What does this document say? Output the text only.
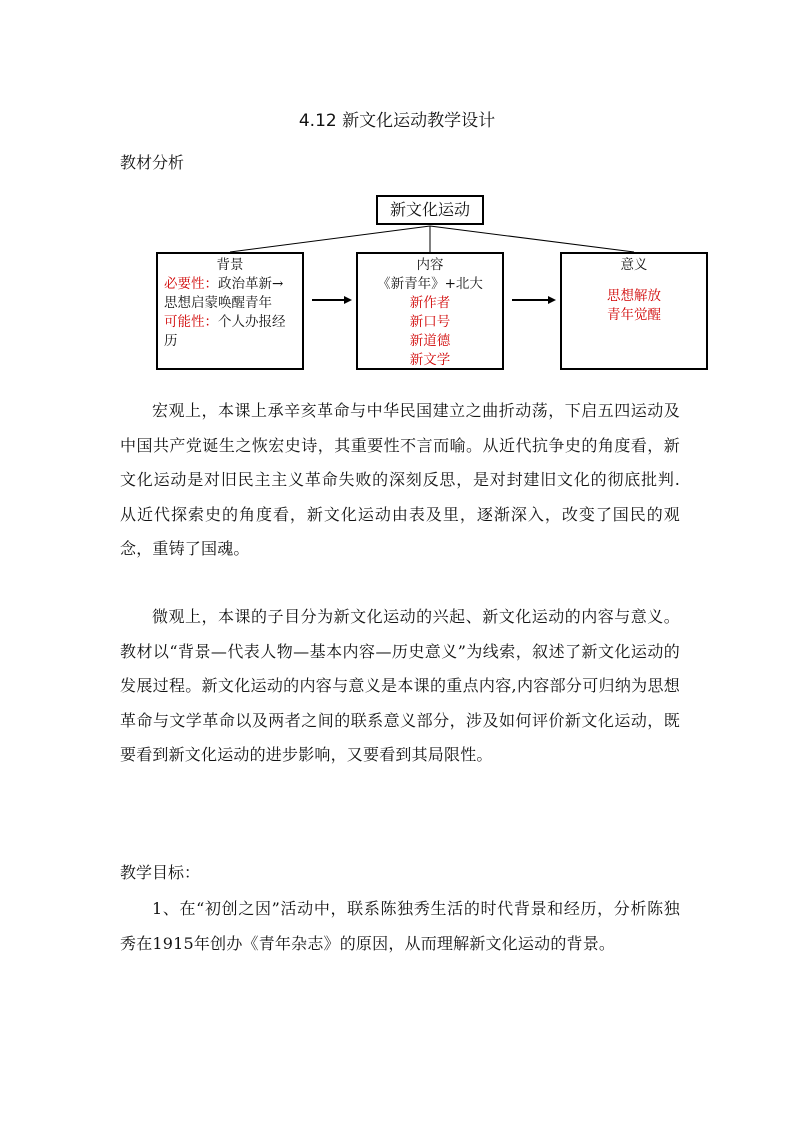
4.12 新文化运动教学设计
教材分析
新文化运动
背景
必要性：政治革新→思想启蒙唤醒青年
可能性：个人办报经历
内容
《新青年》+北大
新作者
新口号
新道德
新文学
意义
思想解放
青年觉醒
宏观上，本课上承辛亥革命与中华民国建立之曲折动荡，下启五四运动及中国共产党诞生之恢宏史诗，其重要性不言而喻。从近代抗争史的角度看，新文化运动是对旧民主主义革命失败的深刻反思，是对封建旧文化的彻底批判. 从近代探索史的角度看，新文化运动由表及里，逐渐深入，改变了国民的观念，重铸了国魂。
微观上，本课的子目分为新文化运动的兴起、新文化运动的内容与意义。教材以“背景—代表人物—基本内容—历史意义”为线索，叙述了新文化运动的发展过程。新文化运动的内容与意义是本课的重点内容,内容部分可归纳为思想革命与文学革命以及两者之间的联系意义部分，涉及如何评价新文化运动，既要看到新文化运动的进步影响，又要看到其局限性。
教学目标：
1、在“初创之因”活动中，联系陈独秀生活的时代背景和经历，分析陈独秀在1915年创办《青年杂志》的原因，从而理解新文化运动的背景。
